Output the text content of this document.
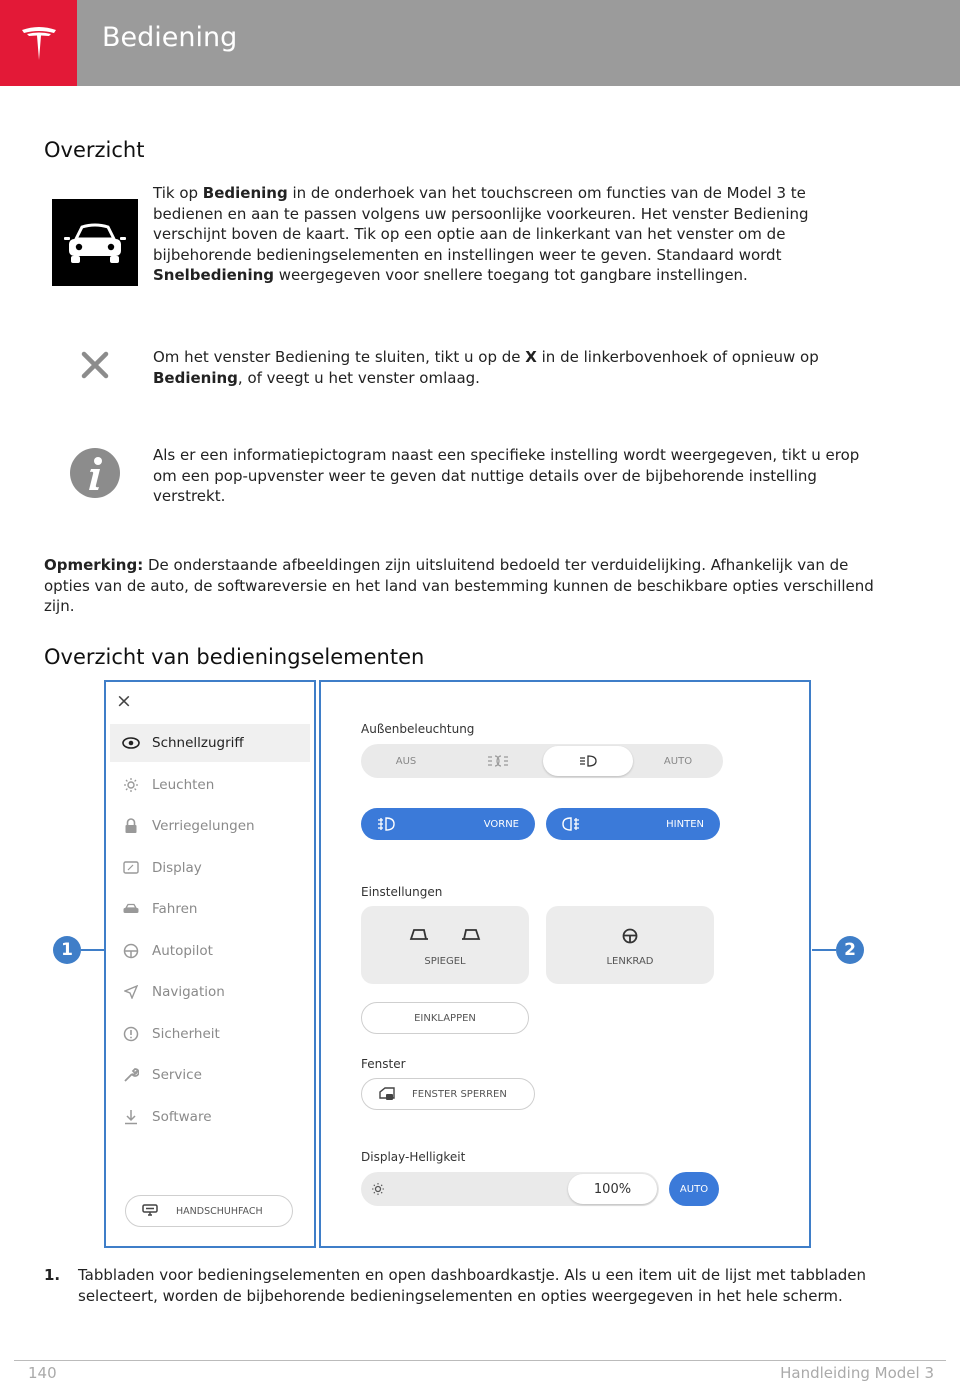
Bediening
Overzicht
Tik op Bediening in de onderhoek van het touchscreen om functies van de Model 3 te bedienen en aan te passen volgens uw persoonlijke voorkeuren. Het venster Bediening verschijnt boven de kaart. Tik op een optie aan de linkerkant van het venster om de bijbehorende bedieningselementen en instellingen weer te geven. Standaard wordt Snelbediening weergegeven voor snellere toegang tot gangbare instellingen.
Om het venster Bediening te sluiten, tikt u op de X in de linkerbovenhoek of opnieuw op Bediening, of veegt u het venster omlaag.
Als er een informatiepictogram naast een specifieke instelling wordt weergegeven, tikt u erop om een pop-upvenster weer te geven dat nuttige details over de bijbehorende instelling verstrekt.
Opmerking: De onderstaande afbeeldingen zijn uitsluitend bedoeld ter verduidelijking. Afhankelijk van de opties van de auto, de softwareversie en het land van bestemming kunnen de beschikbare opties verschillend zijn.
Overzicht van bedieningselementen
×
Schnellzugriff
Leuchten
Verriegelungen
Display
Fahren
Autopilot
Navigation
Sicherheit
Service
Software
HANDSCHUHFACH
Außenbeleuchtung
AUS	AUTO
VORNE	HINTEN
Einstellungen
SPIEGEL	LENKRAD
EINKLAPPEN
Fenster
FENSTER SPERREN
Display-Helligkeit
100%	AUTO
1	2
1. Tabbladen voor bedieningselementen en open dashboardkastje. Als u een item uit de lijst met tabbladen selecteert, worden de bijbehorende bedieningselementen en opties weergegeven in het hele scherm.
140	Handleiding Model 3
